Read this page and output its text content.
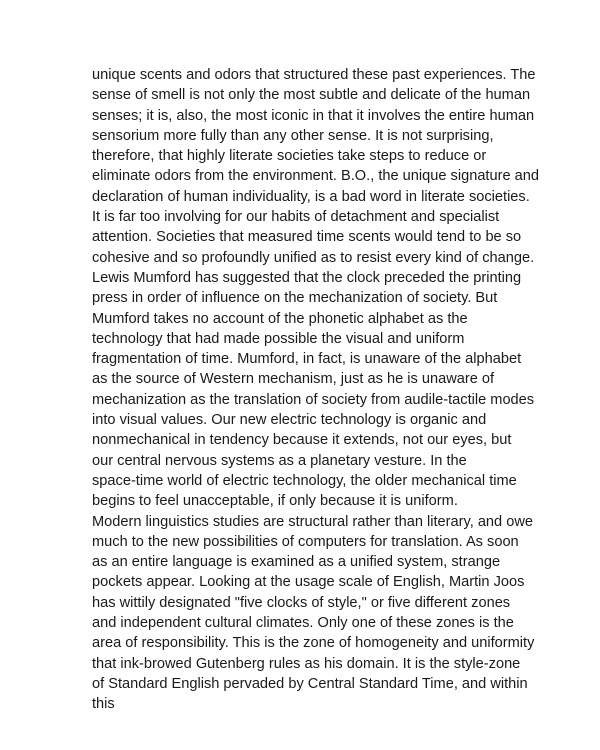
unique scents and odors that structured these past experiences. The
sense of smell is not only the most subtle and delicate of the human
senses; it is, also, the most iconic in that it involves the entire human
sensorium more fully than any other sense. It is not surprising,
therefore, that highly literate societies take steps to reduce or
eliminate odors from the environment. B.O., the unique signature and
declaration of human individuality, is a bad word in literate societies.
It is far too involving for our habits of detachment and specialist
attention. Societies that measured time scents would tend to be so
cohesive and so profoundly unified as to resist every kind of change.
Lewis Mumford has suggested that the clock preceded the printing
press in order of influence on the mechanization of society. But
Mumford takes no account of the phonetic alphabet as the
technology that had made possible the visual and uniform
fragmentation of time. Mumford, in fact, is unaware of the alphabet
as the source of Western mechanism, just as he is unaware of
mechanization as the translation of society from audile-tactile modes
into visual values. Our new electric technology is organic and
nonmechanical in tendency because it extends, not our eyes, but
our central nervous systems as a planetary vesture. In the
space-time world of electric technology, the older mechanical time
begins to feel unacceptable, if only because it is uniform.
Modern linguistics studies are structural rather than literary, and owe
much to the new possibilities of computers for translation. As soon
as an entire language is examined as a unified system, strange
pockets appear. Looking at the usage scale of English, Martin Joos
has wittily designated "five clocks of style," or five different zones
and independent cultural climates. Only one of these zones is the
area of responsibility. This is the zone of homogeneity and uniformity
that ink-browed Gutenberg rules as his domain. It is the style-zone
of Standard English pervaded by Central Standard Time, and within
this
